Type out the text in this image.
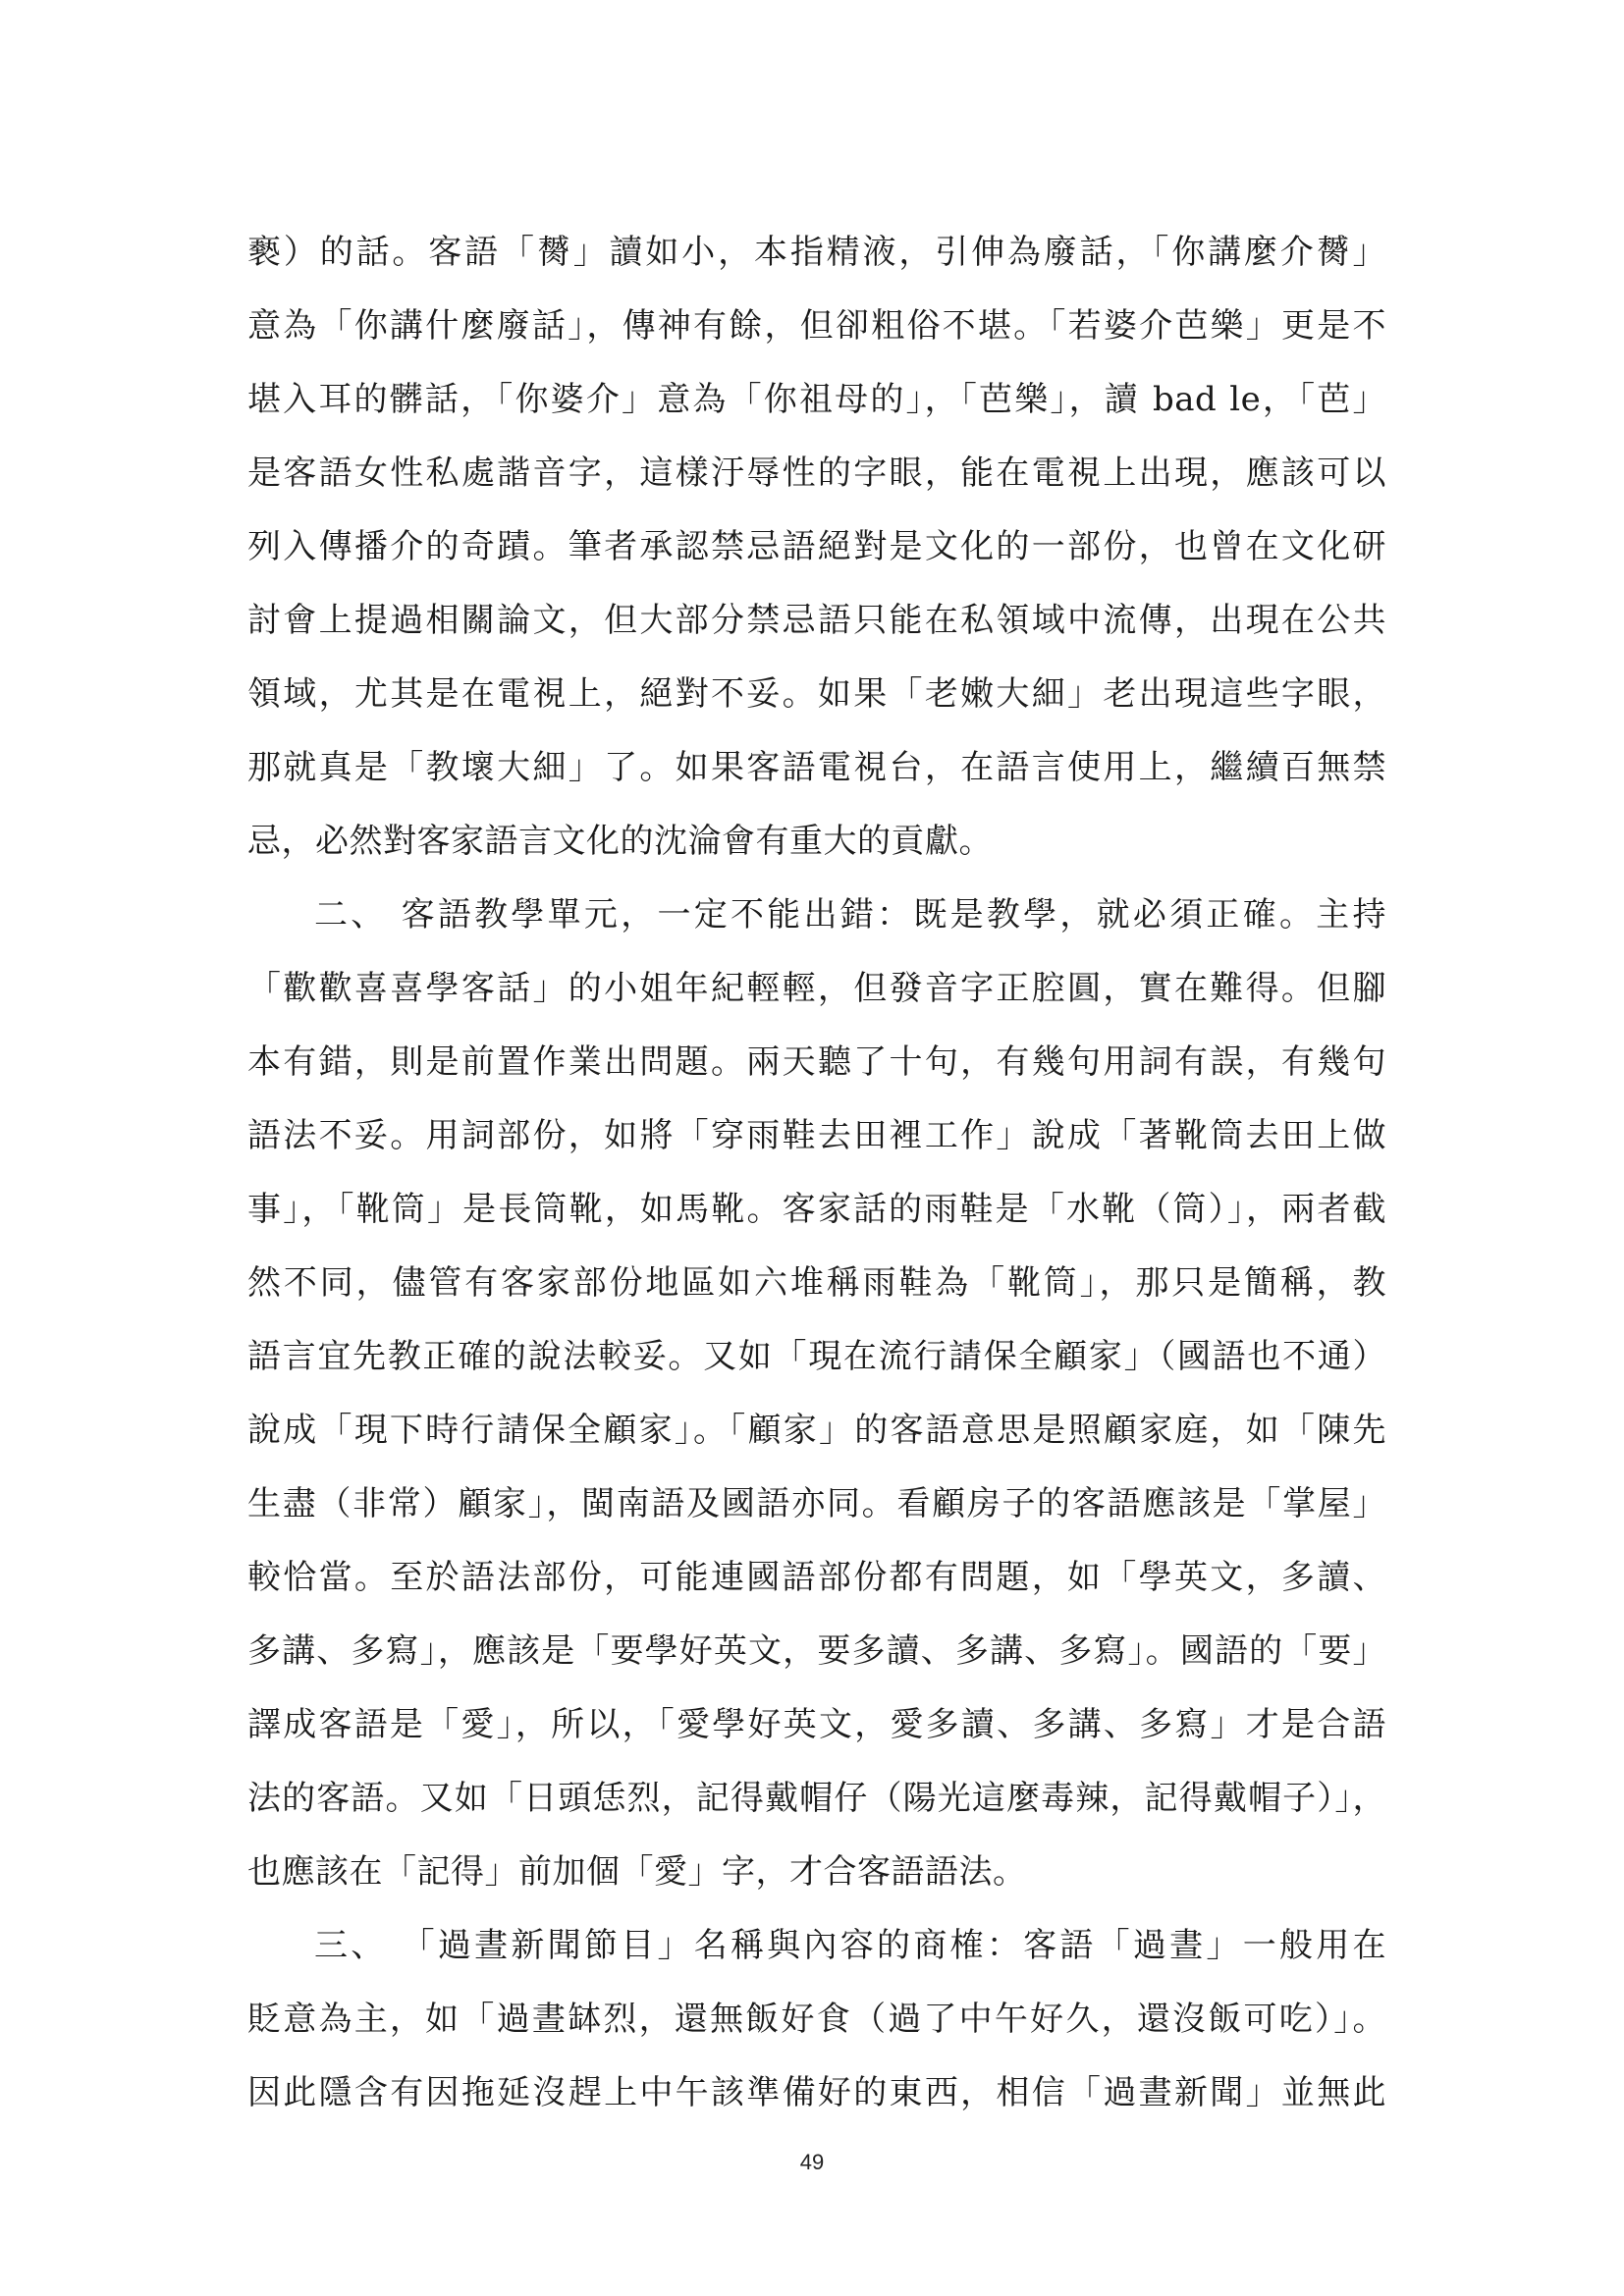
褻）的話。客語「膥」讀如小，本指精液，引伸為廢話，「你講麼介膥」
意為「你講什麼廢話」，傳神有餘，但卻粗俗不堪。「若婆介芭樂」更是不
堪入耳的髒話，「你婆介」意為「你祖母的」，「芭樂」，讀 bad le，「芭」
是客語女性私處諧音字，這樣汙辱性的字眼，能在電視上出現，應該可以
列入傳播介的奇蹟。筆者承認禁忌語絕對是文化的一部份，也曾在文化研
討會上提過相關論文，但大部分禁忌語只能在私領域中流傳，出現在公共
領域，尤其是在電視上，絕對不妥。如果「老嫩大細」老出現這些字眼，
那就真是「教壞大細」了。如果客語電視台，在語言使用上，繼續百無禁
忌，必然對客家語言文化的沈淪會有重大的貢獻。
二、 客語教學單元，一定不能出錯：既是教學，就必須正確。主持
「歡歡喜喜學客話」的小姐年紀輕輕，但發音字正腔圓，實在難得。但腳
本有錯，則是前置作業出問題。兩天聽了十句，有幾句用詞有誤，有幾句
語法不妥。用詞部份，如將「穿雨鞋去田裡工作」說成「著靴筒去田上做
事」，「靴筒」是長筒靴，如馬靴。客家話的雨鞋是「水靴（筒）」，兩者截
然不同，儘管有客家部份地區如六堆稱雨鞋為「靴筒」，那只是簡稱，教
語言宜先教正確的說法較妥。又如「現在流行請保全顧家」（國語也不通）
說成「現下時行請保全顧家」。「顧家」的客語意思是照顧家庭，如「陳先
生盡（非常）顧家」，閩南語及國語亦同。看顧房子的客語應該是「掌屋」
較恰當。至於語法部份，可能連國語部份都有問題，如「學英文，多讀、
多講、多寫」，應該是「要學好英文，要多讀、多講、多寫」。國語的「要」
譯成客語是「愛」，所以，「愛學好英文，愛多讀、多講、多寫」才是合語
法的客語。又如「日頭恁烈，記得戴帽仔（陽光這麼毒辣，記得戴帽子）」，
也應該在「記得」前加個「愛」字，才合客語語法。
三、 「過晝新聞節目」名稱與內容的商榷：客語「過晝」一般用在
貶意為主，如「過晝缽烈，還無飯好食（過了中午好久，還沒飯可吃）」。
因此隱含有因拖延沒趕上中午該準備好的東西，相信「過晝新聞」並無此
49
